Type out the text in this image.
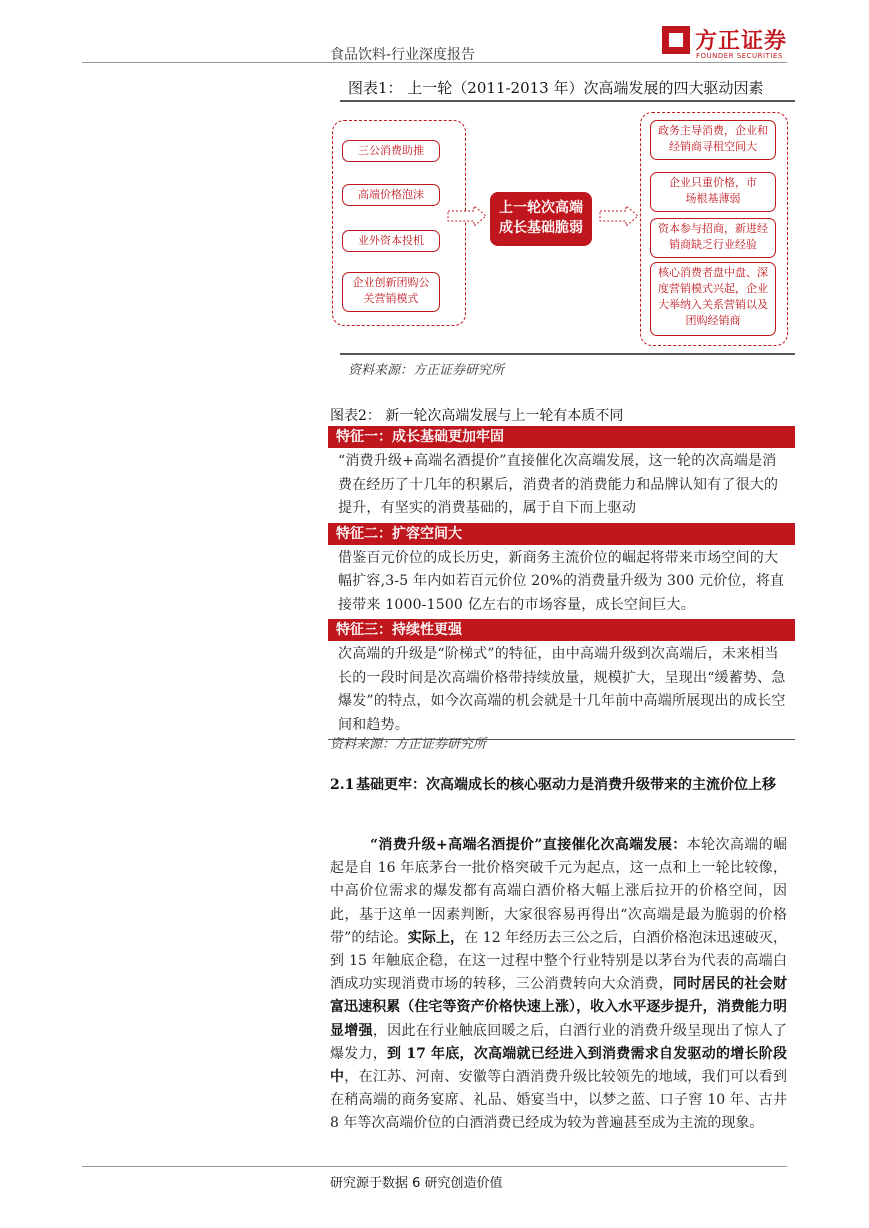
食品饮料-行业深度报告
方正证券
FOUNDER SECURITIES
图表1： 上一轮（2011-2013 年）次高端发展的四大驱动因素
三公消费助推
高端价格泡沫
业外资本投机
企业创新团购公关营销模式
上一轮次高端
成长基础脆弱
政务主导消费，企业和经销商寻租空间大
企业只重价格，市场根基薄弱
资本参与招商，新进经销商缺乏行业经验
核心消费者盘中盘、深度营销模式兴起，企业大举纳入关系营销以及团购经销商
资料来源：方正证券研究所
图表2： 新一轮次高端发展与上一轮有本质不同
特征一：成长基础更加牢固
“消费升级+高端名酒提价”直接催化次高端发展，这一轮的次高端是消费在经历了十几年的积累后，消费者的消费能力和品牌认知有了很大的提升，有坚实的消费基础的，属于自下而上驱动
特征二：扩容空间大
借鉴百元价位的成长历史，新商务主流价位的崛起将带来市场空间的大幅扩容,3-5 年内如若百元价位 20%的消费量升级为 300 元价位，将直接带来 1000-1500 亿左右的市场容量，成长空间巨大。
特征三：持续性更强
次高端的升级是“阶梯式”的特征，由中高端升级到次高端后，未来相当长的一段时间是次高端价格带持续放量，规模扩大，呈现出“缓蓄势、急爆发”的特点，如今次高端的机会就是十几年前中高端所展现出的成长空间和趋势。
资料来源：方正证券研究所
2.1 基础更牢：次高端成长的核心驱动力是消费升级带来的主流价位上移
“消费升级+高端名酒提价”直接催化次高端发展：本轮次高端的崛起是自 16 年底茅台一批价格突破千元为起点，这一点和上一轮比较像，中高价位需求的爆发都有高端白酒价格大幅上涨后拉开的价格空间，因此，基于这单一因素判断，大家很容易再得出“次高端是最为脆弱的价格带”的结论。实际上，在 12 年经历去三公之后，白酒价格泡沫迅速破灭，到 15 年触底企稳，在这一过程中整个行业特别是以茅台为代表的高端白酒成功实现消费市场的转移，三公消费转向大众消费，同时居民的社会财富迅速积累（住宅等资产价格快速上涨），收入水平逐步提升，消费能力明显增强，因此在行业触底回暖之后，白酒行业的消费升级呈现出了惊人了爆发力，到 17 年底，次高端就已经进入到消费需求自发驱动的增长阶段中，在江苏、河南、安徽等白酒消费升级比较领先的地域，我们可以看到在稍高端的商务宴席、礼品、婚宴当中，以梦之蓝、口子窖 10 年、古井 8 年等次高端价位的白酒消费已经成为较为普遍甚至成为主流的现象。
研究源于数据 6 研究创造价值
